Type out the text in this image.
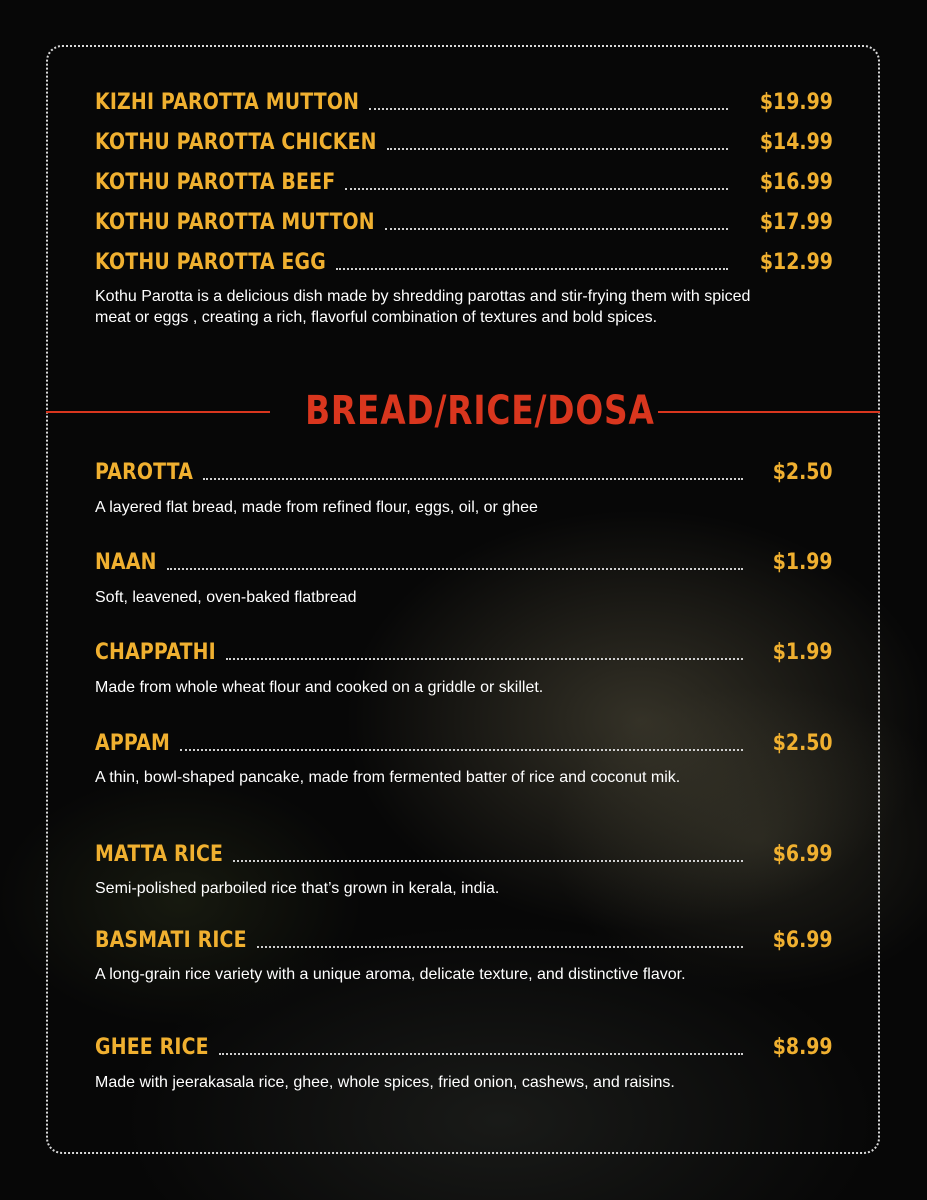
KIZHI PAROTTA MUTTON	$19.99
KOTHU PAROTTA CHICKEN	$14.99
KOTHU PAROTTA BEEF	$16.99
KOTHU PAROTTA MUTTON	$17.99
KOTHU PAROTTA EGG	$12.99
Kothu Parotta is a delicious dish made by shredding parottas and stir-frying them with spiced meat or eggs , creating a rich, flavorful combination of textures and bold spices.
BREAD/RICE/DOSA
PAROTTA	$2.50
A layered flat bread, made from refined flour, eggs, oil, or ghee
NAAN	$1.99
Soft, leavened, oven-baked flatbread
CHAPPATHI	$1.99
Made from whole wheat flour and cooked on a griddle or skillet.
APPAM	$2.50
A thin, bowl-shaped pancake, made from fermented batter of rice and coconut mik.
MATTA RICE	$6.99
Semi-polished parboiled rice that’s grown in kerala, india.
BASMATI RICE	$6.99
A long-grain rice variety with a unique aroma, delicate texture, and distinctive flavor.
GHEE RICE	$8.99
Made with jeerakasala rice, ghee, whole spices, fried onion, cashews, and raisins.
